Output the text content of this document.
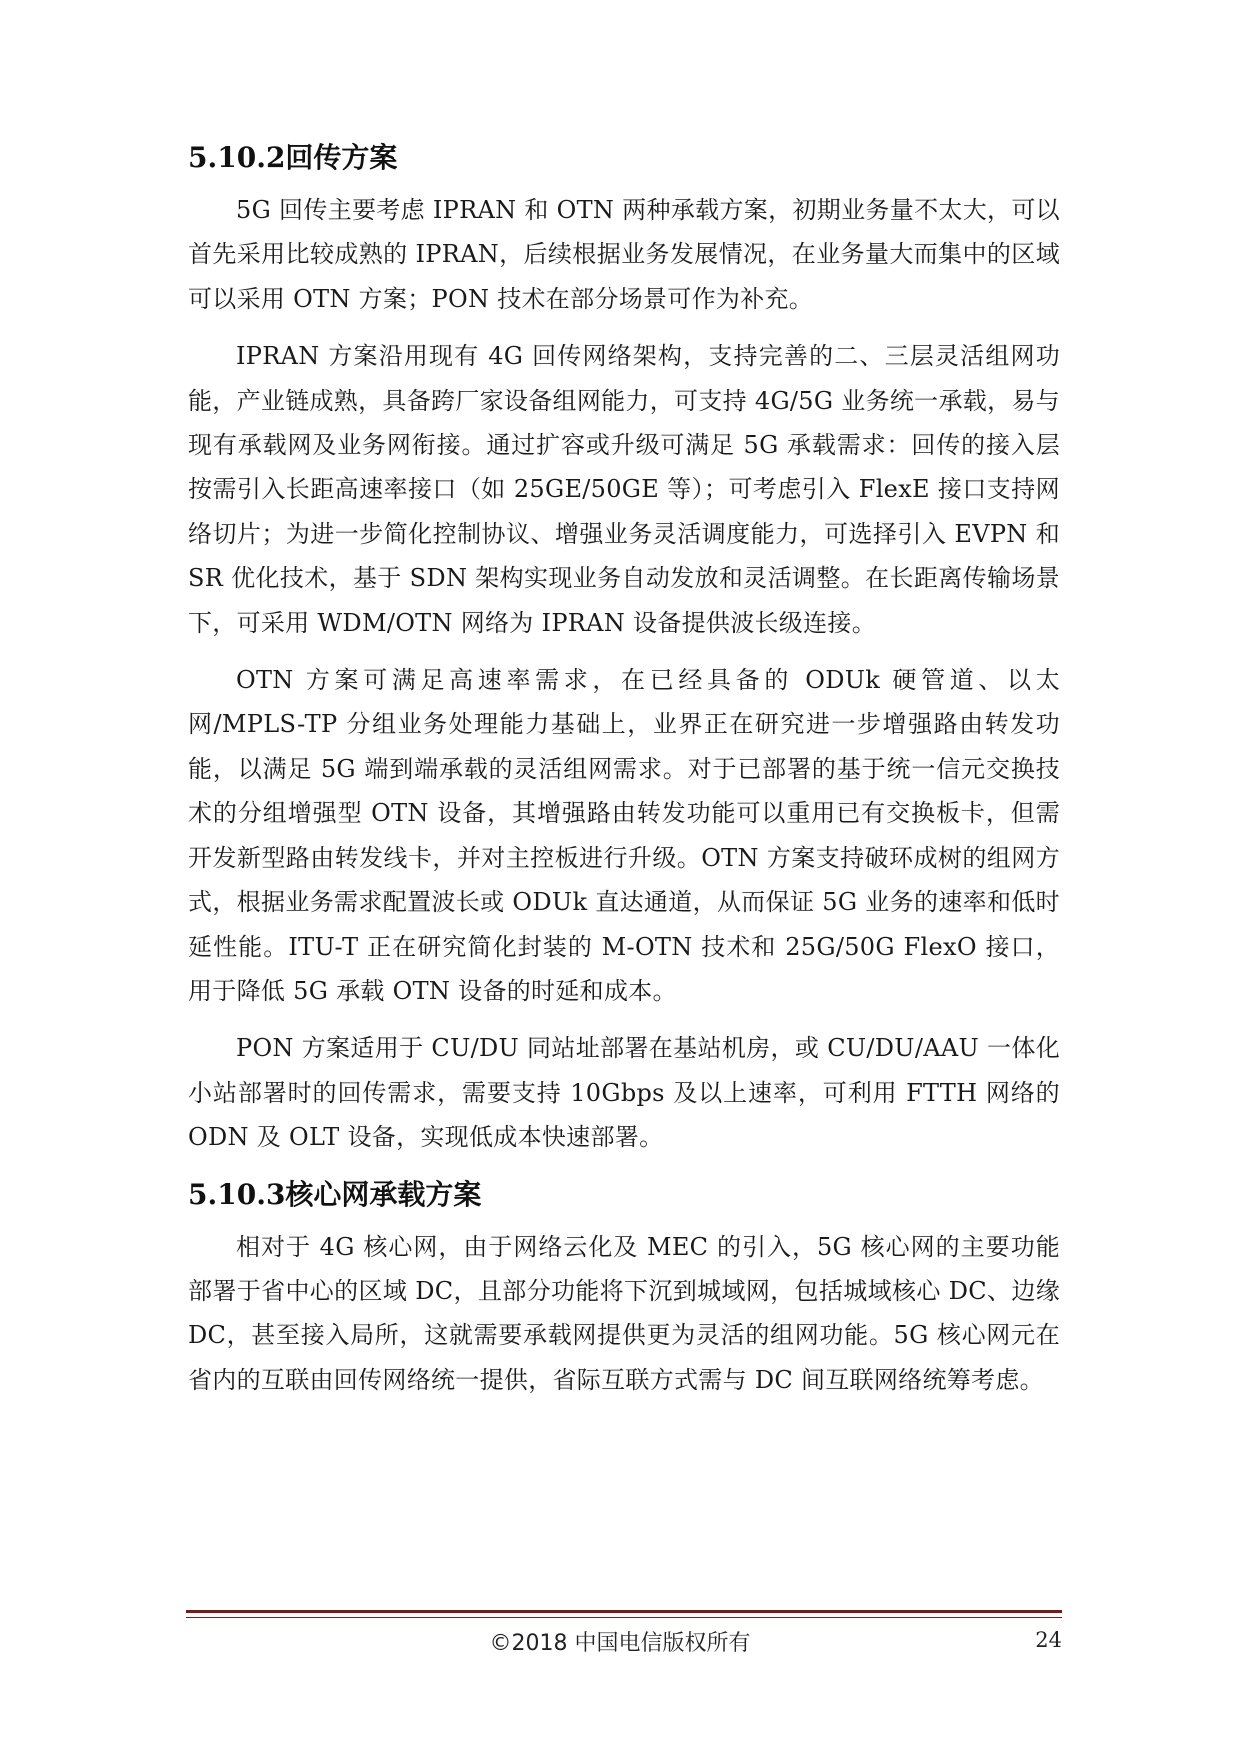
5.10.2回传方案

5G 回传主要考虑 IPRAN 和 OTN 两种承载方案，初期业务量不太大，可以首先采用比较成熟的 IPRAN，后续根据业务发展情况，在业务量大而集中的区域可以采用 OTN 方案；PON 技术在部分场景可作为补充。

IPRAN 方案沿用现有 4G 回传网络架构，支持完善的二、三层灵活组网功能，产业链成熟，具备跨厂家设备组网能力，可支持 4G/5G 业务统一承载，易与现有承载网及业务网衔接。通过扩容或升级可满足 5G 承载需求：回传的接入层按需引入长距高速率接口（如 25GE/50GE 等）；可考虑引入 FlexE 接口支持网络切片；为进一步简化控制协议、增强业务灵活调度能力，可选择引入 EVPN 和 SR 优化技术，基于 SDN 架构实现业务自动发放和灵活调整。在长距离传输场景下，可采用 WDM/OTN 网络为 IPRAN 设备提供波长级连接。

OTN 方案可满足高速率需求，在已经具备的 ODUk 硬管道、以太网/MPLS-TP 分组业务处理能力基础上，业界正在研究进一步增强路由转发功能，以满足 5G 端到端承载的灵活组网需求。对于已部署的基于统一信元交换技术的分组增强型 OTN 设备，其增强路由转发功能可以重用已有交换板卡，但需开发新型路由转发线卡，并对主控板进行升级。OTN 方案支持破环成树的组网方式，根据业务需求配置波长或 ODUk 直达通道，从而保证 5G 业务的速率和低时延性能。ITU-T 正在研究简化封装的 M-OTN 技术和 25G/50G FlexO 接口，用于降低 5G 承载 OTN 设备的时延和成本。

PON 方案适用于 CU/DU 同站址部署在基站机房，或 CU/DU/AAU 一体化小站部署时的回传需求，需要支持 10Gbps 及以上速率，可利用 FTTH 网络的 ODN 及 OLT 设备，实现低成本快速部署。

5.10.3核心网承载方案

相对于 4G 核心网，由于网络云化及 MEC 的引入，5G 核心网的主要功能部署于省中心的区域 DC，且部分功能将下沉到城域网，包括城域核心 DC、边缘 DC，甚至接入局所，这就需要承载网提供更为灵活的组网功能。5G 核心网元在省内的互联由回传网络统一提供，省际互联方式需与 DC 间互联网络统筹考虑。

©2018 中国电信版权所有	24
